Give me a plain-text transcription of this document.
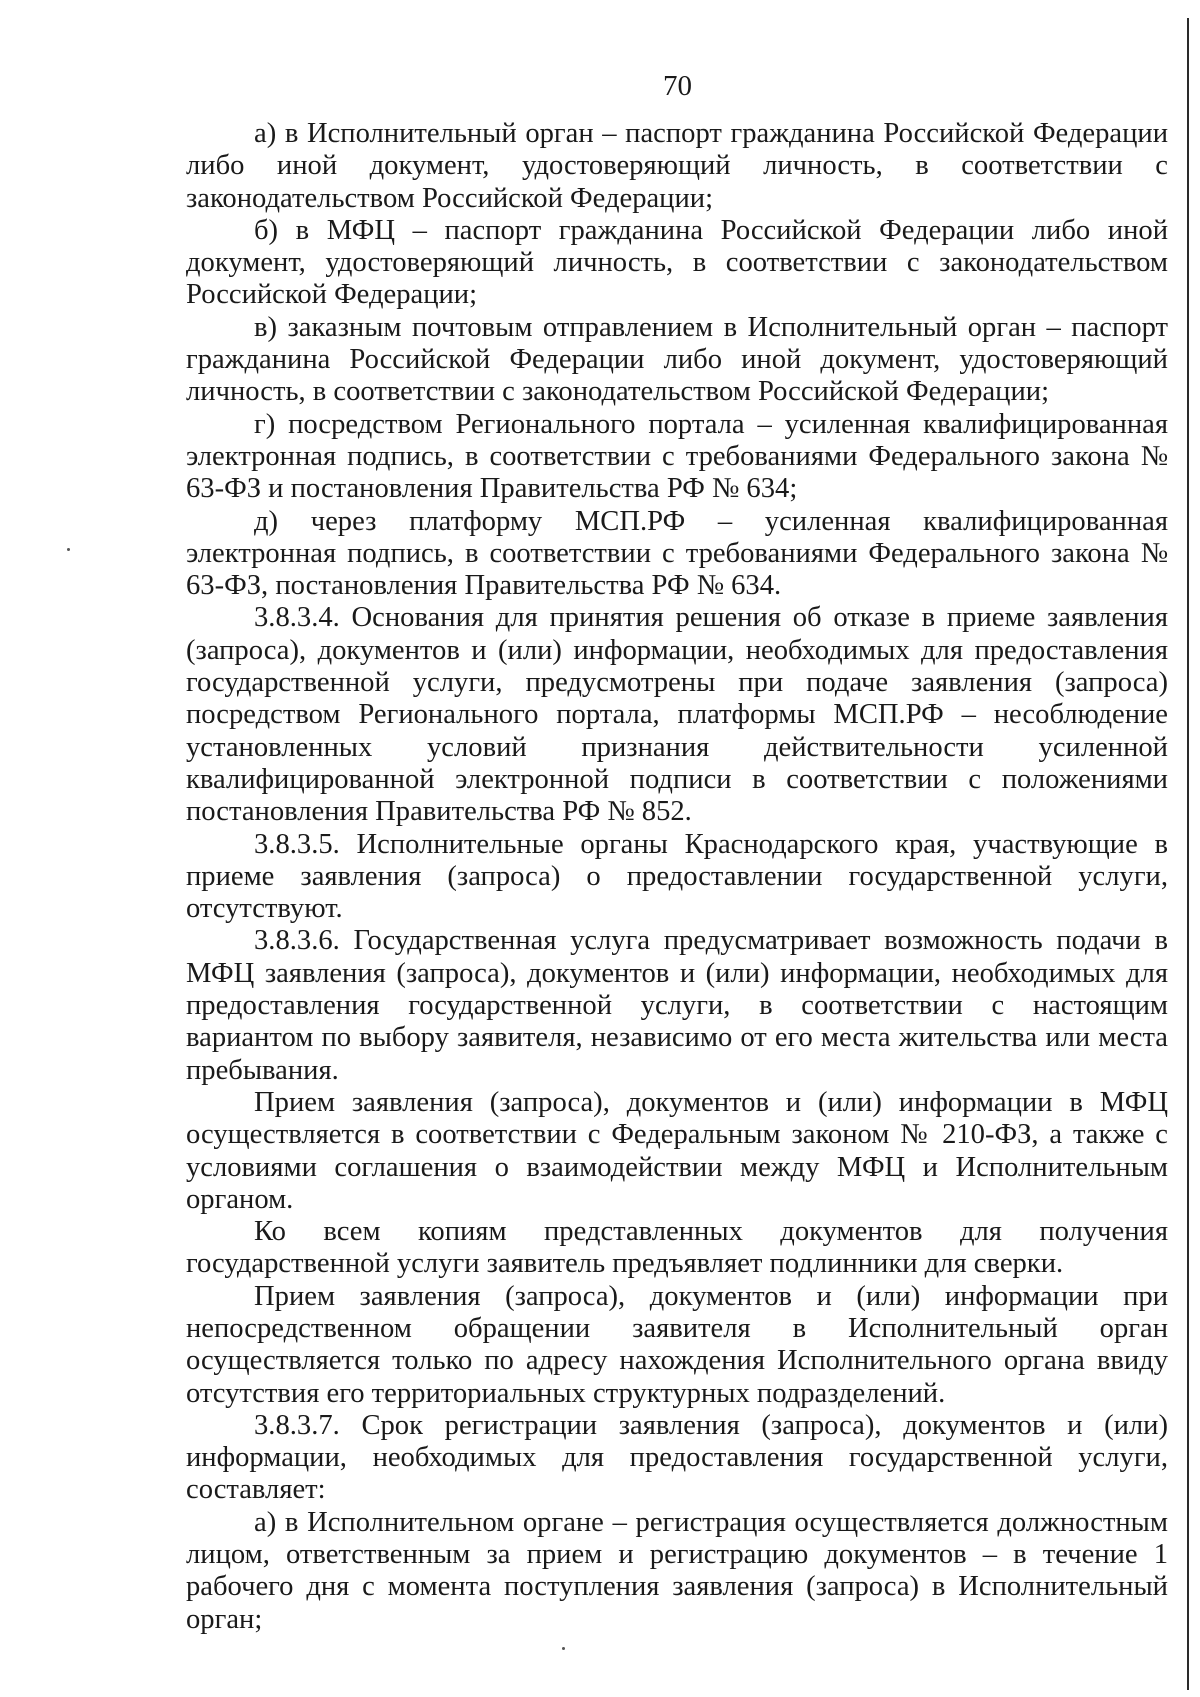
70

а) в Исполнительный орган – паспорт гражданина Российской Федерации либо иной документ, удостоверяющий личность, в соответствии с законодательством Российской Федерации;

б) в МФЦ – паспорт гражданина Российской Федерации либо иной документ, удостоверяющий личность, в соответствии с законодательством Российской Федерации;

в) заказным почтовым отправлением в Исполнительный орган – паспорт гражданина Российской Федерации либо иной документ, удостоверяющий личность, в соответствии с законодательством Российской Федерации;

г) посредством Регионального портала – усиленная квалифицированная электронная подпись, в соответствии с требованиями Федерального закона № 63-ФЗ и постановления Правительства РФ № 634;

д) через платформу МСП.РФ – усиленная квалифицированная электронная подпись, в соответствии с требованиями Федерального закона № 63-ФЗ, постановления Правительства РФ № 634.

3.8.3.4. Основания для принятия решения об отказе в приеме заявления (запроса), документов и (или) информации, необходимых для предоставления государственной услуги, предусмотрены при подаче заявления (запроса) посредством Регионального портала, платформы МСП.РФ – несоблюдение установленных условий признания действительности усиленной квалифицированной электронной подписи в соответствии с положениями постановления Правительства РФ № 852.

3.8.3.5. Исполнительные органы Краснодарского края, участвующие в приеме заявления (запроса) о предоставлении государственной услуги, отсутствуют.

3.8.3.6. Государственная услуга предусматривает возможность подачи в МФЦ заявления (запроса), документов и (или) информации, необходимых для предоставления государственной услуги, в соответствии с настоящим вариантом по выбору заявителя, независимо от его места жительства или места пребывания.

Прием заявления (запроса), документов и (или) информации в МФЦ осуществляется в соответствии с Федеральным законом № 210-ФЗ, а также с условиями соглашения о взаимодействии между МФЦ и Исполнительным органом.

Ко всем копиям представленных документов для получения государственной услуги заявитель предъявляет подлинники для сверки.

Прием заявления (запроса), документов и (или) информации при непосредственном обращении заявителя в Исполнительный орган осуществляется только по адресу нахождения Исполнительного органа ввиду отсутствия его территориальных структурных подразделений.

3.8.3.7. Срок регистрации заявления (запроса), документов и (или) информации, необходимых для предоставления государственной услуги, составляет:

а) в Исполнительном органе – регистрация осуществляется должностным лицом, ответственным за прием и регистрацию документов – в течение 1 рабочего дня с момента поступления заявления (запроса) в Исполнительный орган;
